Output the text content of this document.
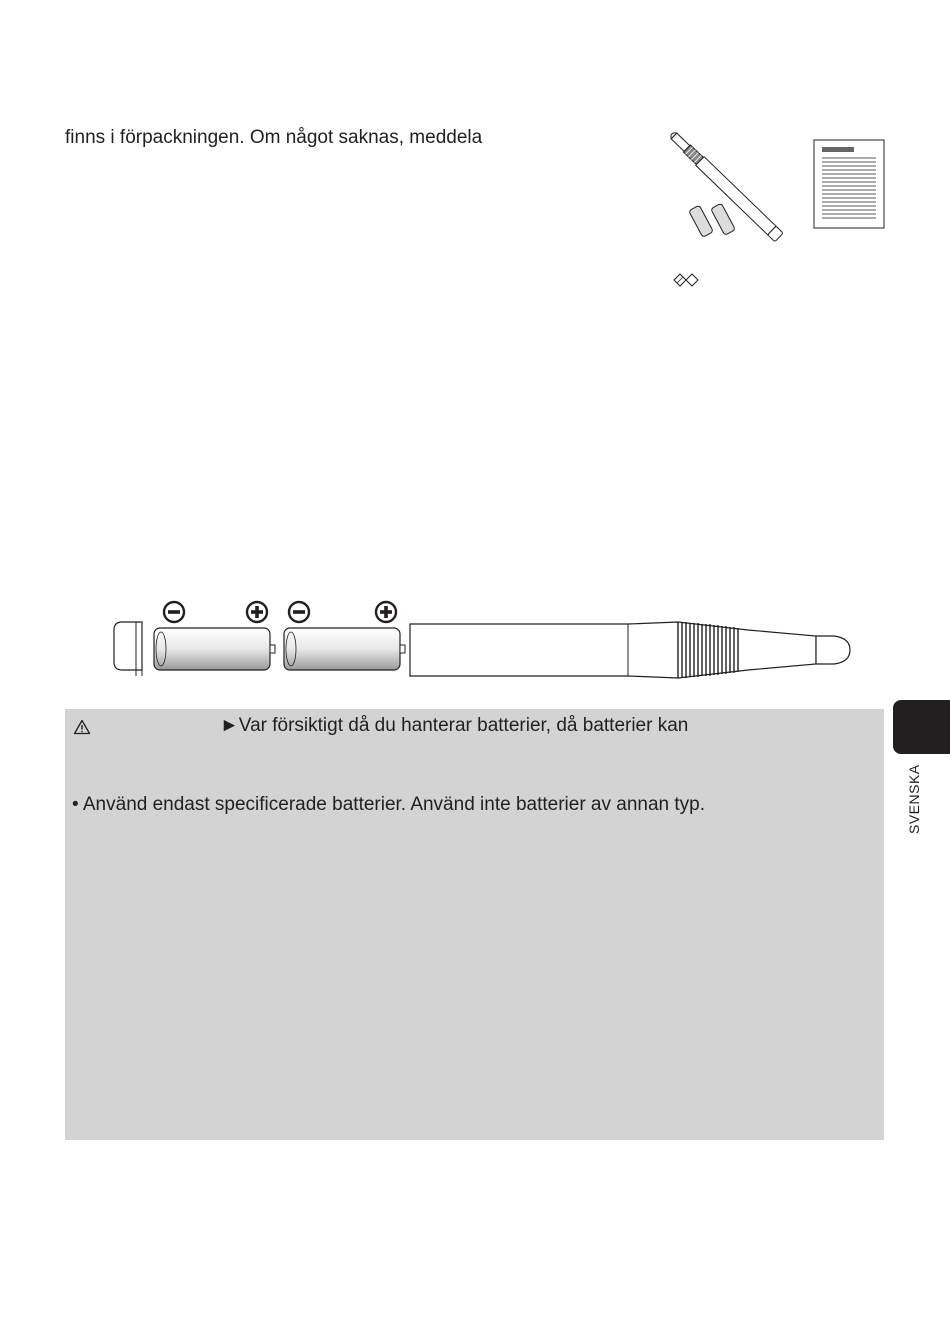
finns i förpackningen. Om något saknas, meddela
►Var försiktigt då du hanterar batterier, då batterier kan
• Använd endast specificerade batterier. Använd inte batterier av annan typ.	SVENSKA
